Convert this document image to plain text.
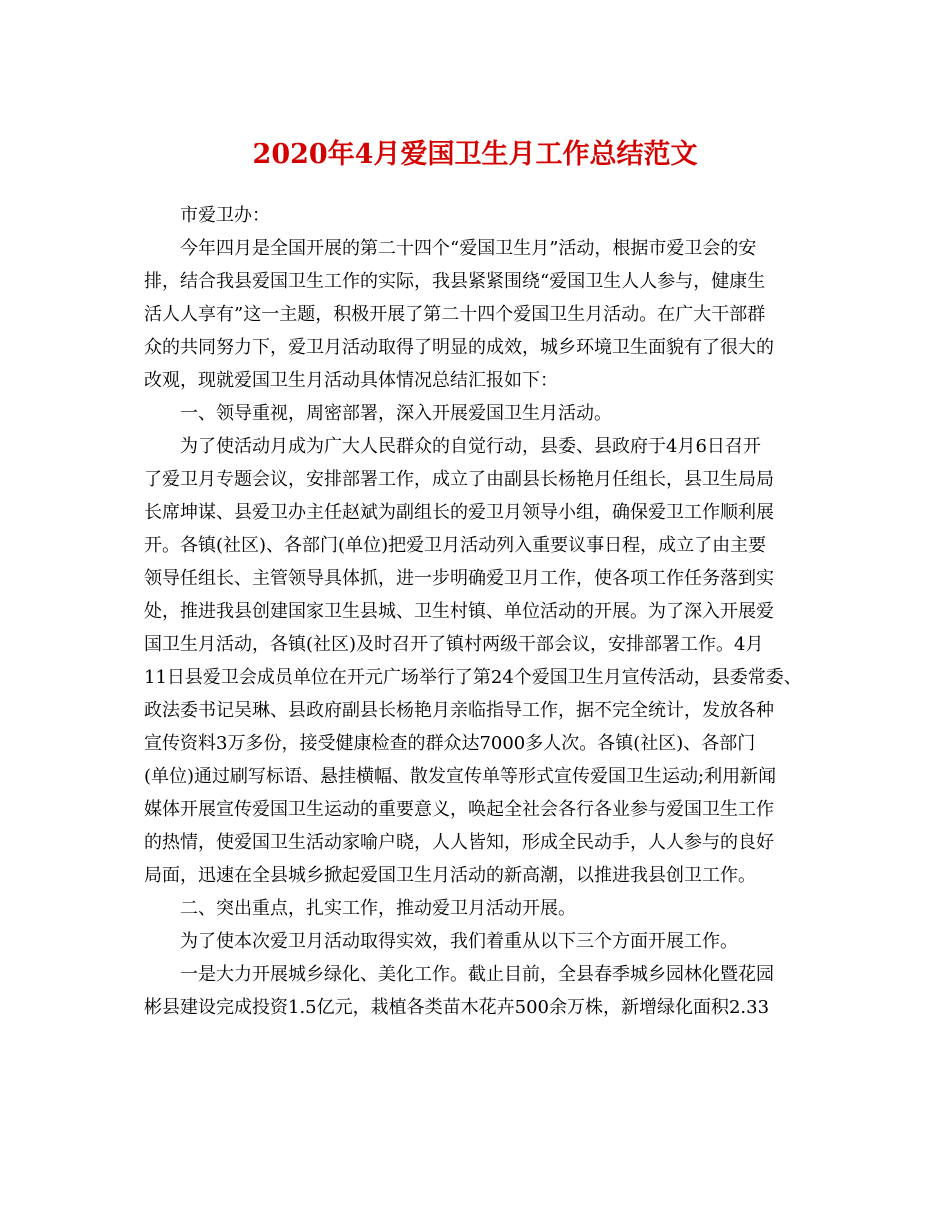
2020年4月爱国卫生月工作总结范文
市爱卫办：
今年四月是全国开展的第二十四个“爱国卫生月”活动，根据市爱卫会的安
排，结合我县爱国卫生工作的实际，我县紧紧围绕“爱国卫生人人参与，健康生
活人人享有”这一主题，积极开展了第二十四个爱国卫生月活动。在广大干部群
众的共同努力下，爱卫月活动取得了明显的成效，城乡环境卫生面貌有了很大的
改观，现就爱国卫生月活动具体情况总结汇报如下：
一、领导重视，周密部署，深入开展爱国卫生月活动。
为了使活动月成为广大人民群众的自觉行动，县委、县政府于4月6日召开
了爱卫月专题会议，安排部署工作，成立了由副县长杨艳月任组长，县卫生局局
长席坤谋、县爱卫办主任赵斌为副组长的爱卫月领导小组，确保爱卫工作顺利展
开。各镇(社区)、各部门(单位)把爱卫月活动列入重要议事日程，成立了由主要
领导任组长、主管领导具体抓，进一步明确爱卫月工作，使各项工作任务落到实
处，推进我县创建国家卫生县城、卫生村镇、单位活动的开展。为了深入开展爱
国卫生月活动，各镇(社区)及时召开了镇村两级干部会议，安排部署工作。4月
11日县爱卫会成员单位在开元广场举行了第24个爱国卫生月宣传活动，县委常委、
政法委书记吴琳、县政府副县长杨艳月亲临指导工作，据不完全统计，发放各种
宣传资料3万多份，接受健康检查的群众达7000多人次。各镇(社区)、各部门
(单位)通过刷写标语、悬挂横幅、散发宣传单等形式宣传爱国卫生运动;利用新闻
媒体开展宣传爱国卫生运动的重要意义，唤起全社会各行各业参与爱国卫生工作
的热情，使爱国卫生活动家喻户晓，人人皆知，形成全民动手，人人参与的良好
局面，迅速在全县城乡掀起爱国卫生月活动的新高潮，以推进我县创卫工作。
二、突出重点，扎实工作，推动爱卫月活动开展。
为了使本次爱卫月活动取得实效，我们着重从以下三个方面开展工作。
一是大力开展城乡绿化、美化工作。截止目前，全县春季城乡园林化暨花园
彬县建设完成投资1.5亿元，栽植各类苗木花卉500余万株，新增绿化面积2.33
